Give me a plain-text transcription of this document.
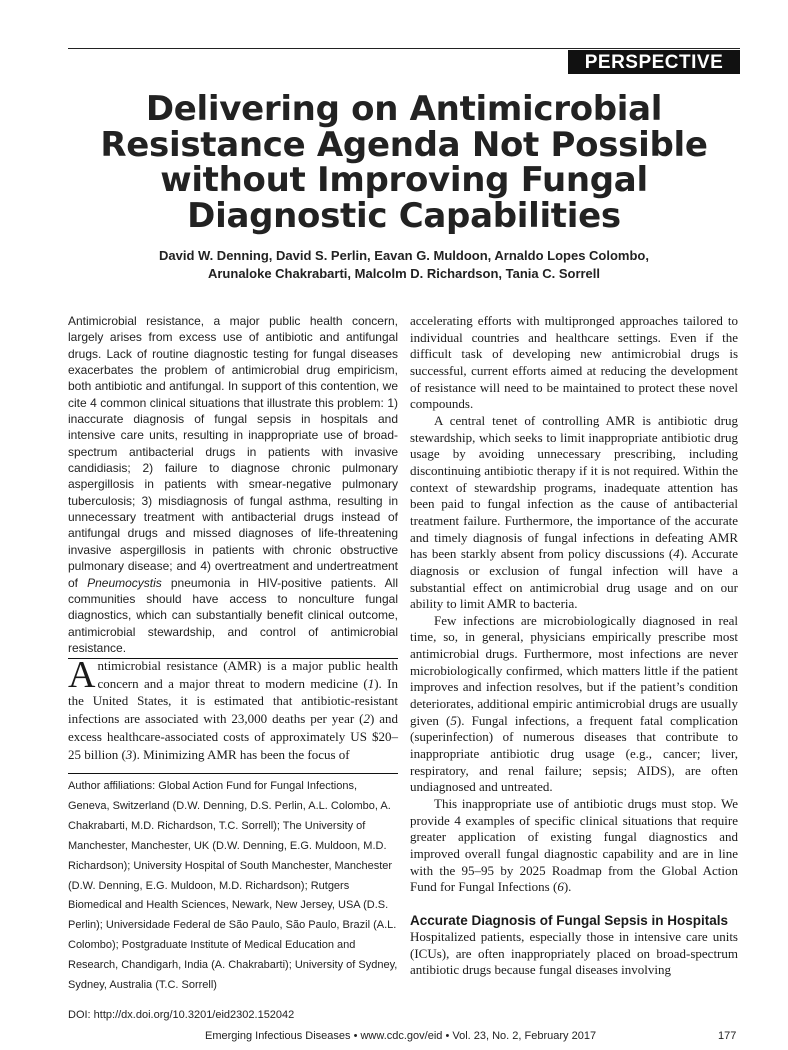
PERSPECTIVE
Delivering on Antimicrobial Resistance Agenda Not Possible without Improving Fungal Diagnostic Capabilities
David W. Denning, David S. Perlin, Eavan G. Muldoon, Arnaldo Lopes Colombo,
Arunaloke Chakrabarti, Malcolm D. Richardson, Tania C. Sorrell
Antimicrobial resistance, a major public health concern, largely arises from excess use of antibiotic and antifungal drugs. Lack of routine diagnostic testing for fungal diseases exacerbates the problem of antimicrobial drug empiricism, both antibiotic and antifungal. In support of this contention, we cite 4 common clinical situations that illustrate this problem: 1) inaccurate diagnosis of fungal sepsis in hospitals and intensive care units, resulting in inappropriate use of broad-spectrum antibacterial drugs in patients with invasive candidiasis; 2) failure to diagnose chronic pulmonary aspergillosis in patients with smear-negative pulmonary tuberculosis; 3) misdiagnosis of fungal asthma, resulting in unnecessary treatment with antibacterial drugs instead of antifungal drugs and missed diagnoses of life-threatening invasive aspergillosis in patients with chronic obstructive pulmonary disease; and 4) overtreatment and undertreatment of Pneumocystis pneumonia in HIV-positive patients. All communities should have access to nonculture fungal diagnostics, which can substantially benefit clinical outcome, antimicrobial stewardship, and control of antimicrobial resistance.
Antimicrobial resistance (AMR) is a major public health concern and a major threat to modern medicine (1). In the United States, it is estimated that antibiotic-resistant infections are associated with 23,000 deaths per year (2) and excess healthcare-associated costs of approximately US $20–25 billion (3). Minimizing AMR has been the focus of
Author affiliations: Global Action Fund for Fungal Infections, Geneva, Switzerland (D.W. Denning, D.S. Perlin, A.L. Colombo, A. Chakrabarti, M.D. Richardson, T.C. Sorrell); The University of Manchester, Manchester, UK (D.W. Denning, E.G. Muldoon, M.D. Richardson); University Hospital of South Manchester, Manchester (D.W. Denning, E.G. Muldoon, M.D. Richardson); Rutgers Biomedical and Health Sciences, Newark, New Jersey, USA (D.S. Perlin); Universidade Federal de São Paulo, São Paulo, Brazil (A.L. Colombo); Postgraduate Institute of Medical Education and Research, Chandigarh, India (A. Chakrabarti); University of Sydney, Sydney, Australia (T.C. Sorrell)
DOI: http://dx.doi.org/10.3201/eid2302.152042

accelerating efforts with multipronged approaches tailored to individual countries and healthcare settings. Even if the difficult task of developing new antimicrobial drugs is successful, current efforts aimed at reducing the development of resistance will need to be maintained to protect these novel compounds.

A central tenet of controlling AMR is antibiotic drug stewardship, which seeks to limit inappropriate antibiotic drug usage by avoiding unnecessary prescribing, including discontinuing antibiotic therapy if it is not required. Within the context of stewardship programs, inadequate attention has been paid to fungal infection as the cause of antibacterial treatment failure. Furthermore, the importance of the accurate and timely diagnosis of fungal infections in defeating AMR has been starkly absent from policy discussions (4). Accurate diagnosis or exclusion of fungal infection will have a substantial effect on antimicrobial drug usage and on our ability to limit AMR to bacteria.

Few infections are microbiologically diagnosed in real time, so, in general, physicians empirically prescribe most antimicrobial drugs. Furthermore, most infections are never microbiologically confirmed, which matters little if the patient improves and infection resolves, but if the patient’s condition deteriorates, additional empiric antimicrobial drugs are usually given (5). Fungal infections, a frequent fatal complication (superinfection) of numerous diseases that contribute to inappropriate antibiotic drug usage (e.g., cancer; liver, respiratory, and renal failure; sepsis; AIDS), are often undiagnosed and untreated.

This inappropriate use of antibiotic drugs must stop. We provide 4 examples of specific clinical situations that require greater application of existing fungal diagnostics and improved overall fungal diagnostic capability and are in line with the 95–95 by 2025 Roadmap from the Global Action Fund for Fungal Infections (6).

Accurate Diagnosis of Fungal Sepsis in Hospitals

Hospitalized patients, especially those in intensive care units (ICUs), are often inappropriately placed on broad-spectrum antibiotic drugs because fungal diseases involving

Emerging Infectious Diseases • www.cdc.gov/eid • Vol. 23, No. 2, February 2017	177
